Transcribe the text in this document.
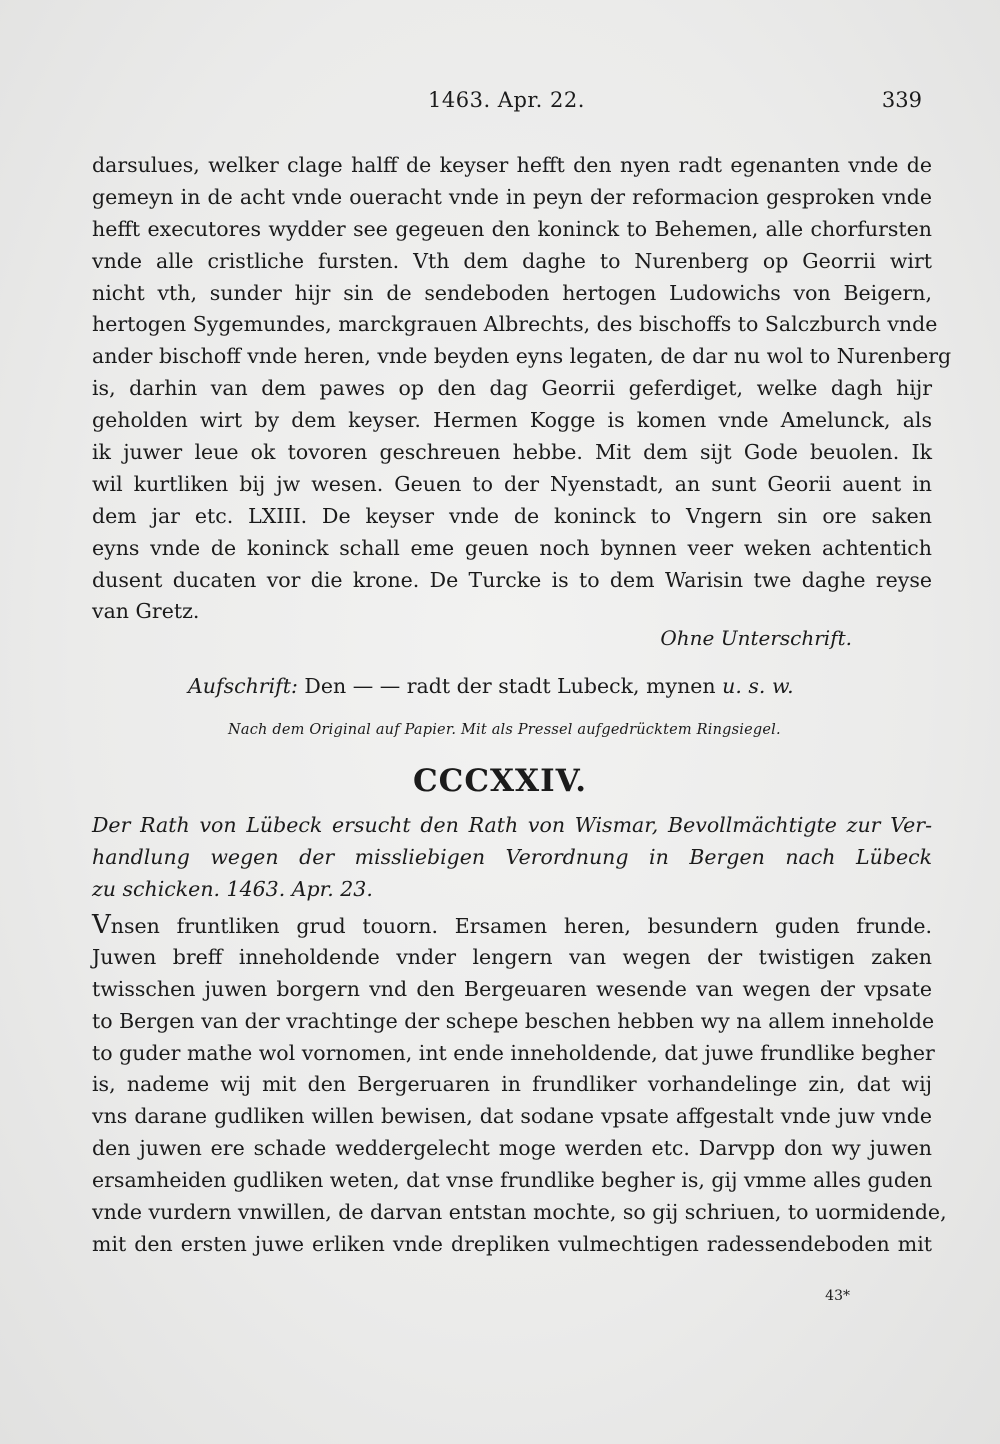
1463. Apr. 22.	339
darsulues, welker clage halff de keyser hefft den nyen radt egenanten vnde de
gemeyn in de acht vnde oueracht vnde in peyn der reformacion gesproken vnde
hefft executores wydder see gegeuen den koninck to Behemen, alle chorfursten
vnde alle cristliche fursten. Vth dem daghe to Nurenberg op Georrii wirt
nicht vth, sunder hijr sin de sendeboden hertogen Ludowichs von Beigern,
hertogen Sygemundes, marckgrauen Albrechts, des bischoffs to Salczburch vnde
ander bischoff vnde heren, vnde beyden eyns legaten, de dar nu wol to Nurenberg
is, darhin van dem pawes op den dag Georrii geferdiget, welke dagh hijr
geholden wirt by dem keyser. Hermen Kogge is komen vnde Amelunck, als
ik juwer leue ok tovoren geschreuen hebbe. Mit dem sijt Gode beuolen. Ik
wil kurtliken bij jw wesen. Geuen to der Nyenstadt, an sunt Georii auent in
dem jar etc. LXIII. De keyser vnde de koninck to Vngern sin ore saken
eyns vnde de koninck schall eme geuen noch bynnen veer weken achtentich
dusent ducaten vor die krone. De Turcke is to dem Warisin twe daghe reyse
van Gretz.
Ohne Unterschrift.
Aufschrift: Den — — radt der stadt Lubeck, mynen u. s. w.
Nach dem Original auf Papier. Mit als Pressel aufgedrücktem Ringsiegel.
CCCXXIV.
Der Rath von Lübeck ersucht den Rath von Wismar, Bevollmächtigte zur Ver-
handlung wegen der missliebigen Verordnung in Bergen nach Lübeck
zu schicken. 1463. Apr. 23.
Vnsen fruntliken grud touorn. Ersamen heren, besundern guden frunde.
Juwen breff inneholdende vnder lengern van wegen der twistigen zaken
twisschen juwen borgern vnd den Bergeuaren wesende van wegen der vpsate
to Bergen van der vrachtinge der schepe beschen hebben wy na allem inneholde
to guder mathe wol vornomen, int ende inneholdende, dat juwe frundlike begher
is, nademe wij mit den Bergeruaren in frundliker vorhandelinge zin, dat wij
vns darane gudliken willen bewisen, dat sodane vpsate affgestalt vnde juw vnde
den juwen ere schade weddergelecht moge werden etc. Darvpp don wy juwen
ersamheiden gudliken weten, dat vnse frundlike begher is, gij vmme alles guden
vnde vurdern vnwillen, de darvan entstan mochte, so gij schriuen, to uormidende,
mit den ersten juwe erliken vnde drepliken vulmechtigen radessendeboden mit
43*
